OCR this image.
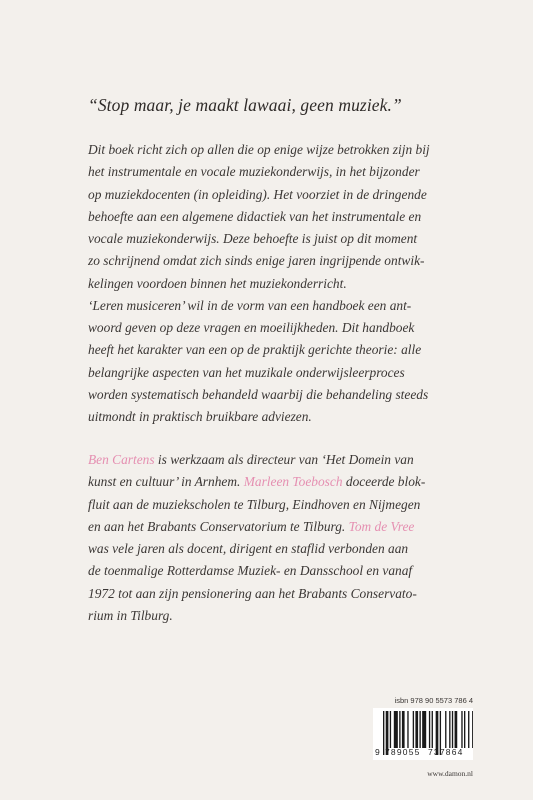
“Stop maar, je maakt lawaai, geen muziek.”

Dit boek richt zich op allen die op enige wijze betrokken zijn bij
het instrumentale en vocale muziekonderwijs, in het bijzonder
op muziekdocenten (in opleiding). Het voorziet in de dringende
behoefte aan een algemene didactiek van het instrumentale en
vocale muziekonderwijs. Deze behoefte is juist op dit moment
zo schrijnend omdat zich sinds enige jaren ingrijpende ontwik-
kelingen voordoen binnen het muziekonderricht.
‘Leren musiceren’ wil in de vorm van een handboek een ant-
woord geven op deze vragen en moeilijkheden. Dit handboek
heeft het karakter van een op de praktijk gerichte theorie: alle
belangrijke aspecten van het muzikale onderwijsleerproces
worden systematisch behandeld waarbij die behandeling steeds
uitmondt in praktisch bruikbare adviezen.

Ben Cartens is werkzaam als directeur van ‘Het Domein van
kunst en cultuur’ in Arnhem. Marleen Toebosch doceerde blok-
fluit aan de muziekscholen te Tilburg, Eindhoven en Nijmegen
en aan het Brabants Conservatorium te Tilburg. Tom de Vree
was vele jaren als docent, dirigent en staflid verbonden aan
de toenmalige Rotterdamse Muziek- en Dansschool en vanaf
1972 tot aan zijn pensionering aan het Brabants Conservato-
rium in Tilburg.

isbn 978 90 5573 786 4
9 789055 737864
www.damon.nl
